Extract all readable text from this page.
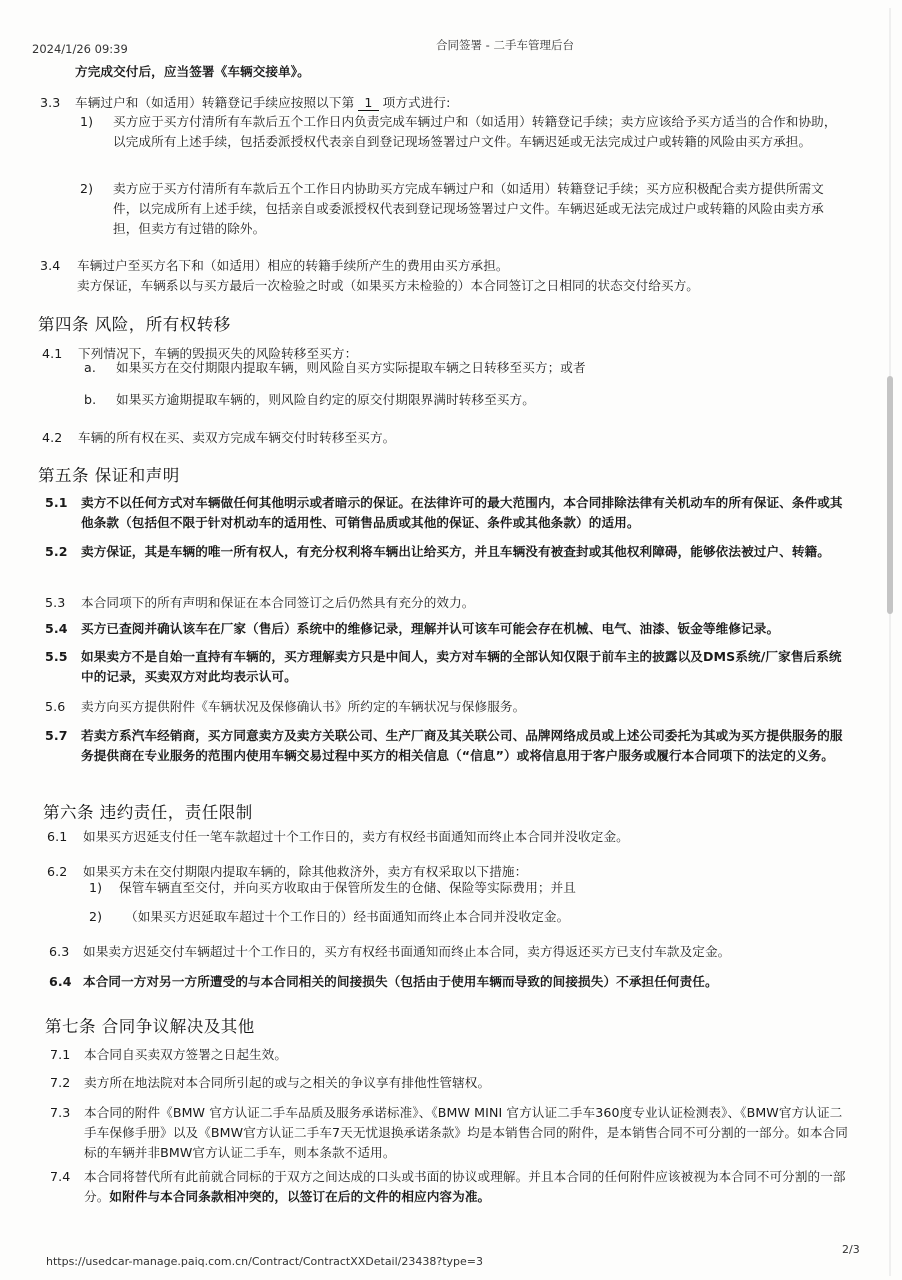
2024/1/26 09:39	合同签署 - 二手车管理后台
方完成交付后，应当签署《车辆交接单》。
3.3	车辆过户和（如适用）转籍登记手续应按照以下第 1 项方式进行:
1)	买方应于买方付清所有车款后五个工作日内负责完成车辆过户和（如适用）转籍登记手续；卖方应该给予买方适当的合作和协助，以完成所有上述手续，包括委派授权代表亲自到登记现场签署过户文件。车辆迟延或无法完成过户或转籍的风险由买方承担。
2)	卖方应于买方付清所有车款后五个工作日内协助买方完成车辆过户和（如适用）转籍登记手续；买方应积极配合卖方提供所需文件，以完成所有上述手续，包括亲自或委派授权代表到登记现场签署过户文件。车辆迟延或无法完成过户或转籍的风险由卖方承担，但卖方有过错的除外。
3.4	车辆过户至买方名下和（如适用）相应的转籍手续所产生的费用由买方承担。
卖方保证，车辆系以与买方最后一次检验之时或（如果买方未检验的）本合同签订之日相同的状态交付给买方。
第四条 风险，所有权转移
4.1	下列情况下，车辆的毁损灭失的风险转移至买方：
a.	如果买方在交付期限内提取车辆，则风险自买方实际提取车辆之日转移至买方；或者
b.	如果买方逾期提取车辆的，则风险自约定的原交付期限界满时转移至买方。
4.2	车辆的所有权在买、卖双方完成车辆交付时转移至买方。
第五条 保证和声明
5.1	卖方不以任何方式对车辆做任何其他明示或者暗示的保证。在法律许可的最大范围内，本合同排除法律有关机动车的所有保证、条件或其他条款（包括但不限于针对机动车的适用性、可销售品质或其他的保证、条件或其他条款）的适用。
5.2	卖方保证，其是车辆的唯一所有权人，有充分权利将车辆出让给买方，并且车辆没有被查封或其他权利障碍，能够依法被过户、转籍。
5.3	本合同项下的所有声明和保证在本合同签订之后仍然具有充分的效力。
5.4	买方已查阅并确认该车在厂家（售后）系统中的维修记录，理解并认可该车可能会存在机械、电气、油漆、钣金等维修记录。
5.5	如果卖方不是自始一直持有车辆的，买方理解卖方只是中间人，卖方对车辆的全部认知仅限于前车主的披露以及DMS系统/厂家售后系统中的记录，买卖双方对此均表示认可。
5.6	卖方向买方提供附件《车辆状况及保修确认书》所约定的车辆状况与保修服务。
5.7	若卖方系汽车经销商，买方同意卖方及卖方关联公司、生产厂商及其关联公司、品牌网络成员或上述公司委托为其或为买方提供服务的服务提供商在专业服务的范围内使用车辆交易过程中买方的相关信息（“信息”）或将信息用于客户服务或履行本合同项下的法定的义务。
第六条 违约责任，责任限制
6.1	如果买方迟延支付任一笔车款超过十个工作日的，卖方有权经书面通知而终止本合同并没收定金。
6.2	如果买方未在交付期限内提取车辆的，除其他救济外，卖方有权采取以下措施：
1)	保管车辆直至交付，并向买方收取由于保管所发生的仓储、保险等实际费用；并且
2)	（如果买方迟延取车超过十个工作日的）经书面通知而终止本合同并没收定金。
6.3	如果卖方迟延交付车辆超过十个工作日的，买方有权经书面通知而终止本合同，卖方得返还买方已支付车款及定金。
6.4 本合同一方对另一方所遭受的与本合同相关的间接损失（包括由于使用车辆而导致的间接损失）不承担任何责任。
第七条 合同争议解决及其他
7.1	本合同自买卖双方签署之日起生效。
7.2	卖方所在地法院对本合同所引起的或与之相关的争议享有排他性管辖权。
7.3	本合同的附件《BMW 官方认证二手车品质及服务承诺标准》、《BMW MINI 官方认证二手车360度专业认证检测表》、《BMW官方认证二手车保修手册》以及《BMW官方认证二手车7天无忧退换承诺条款》均是本销售合同的附件，是本销售合同不可分割的一部分。如本合同标的车辆并非BMW官方认证二手车，则本条款不适用。
7.4	本合同将替代所有此前就合同标的于双方之间达成的口头或书面的协议或理解。并且本合同的任何附件应该被视为本合同不可分割的一部分。如附件与本合同条款相冲突的，以签订在后的文件的相应内容为准。
2/3
https://usedcar-manage.paiq.com.cn/Contract/ContractXXDetail/23438?type=3
